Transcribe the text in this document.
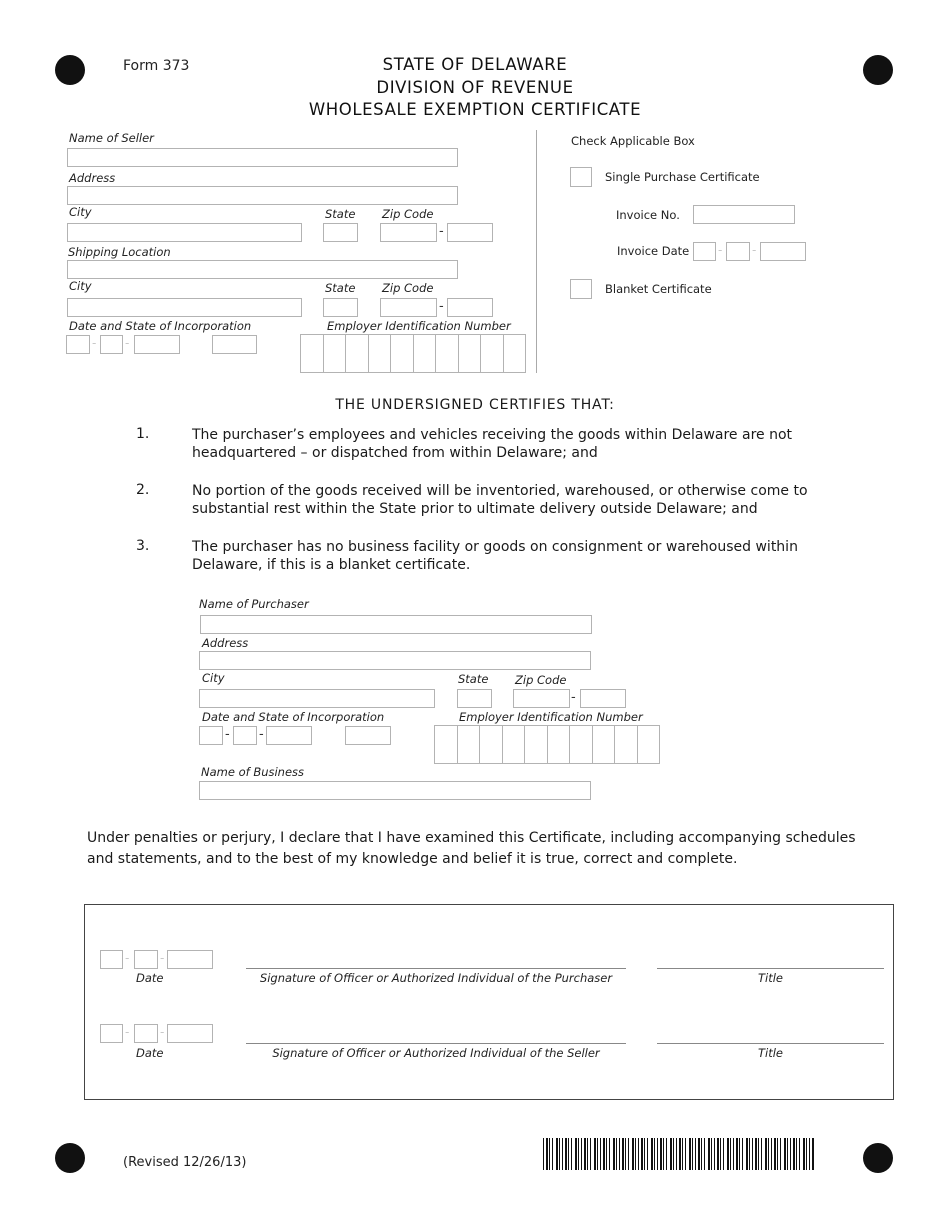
Form 373	STATE OF DELAWARE
DIVISION OF REVENUE
WHOLESALE EXEMPTION CERTIFICATE
Name of Seller
Address
City	State Zip Code
-
Shipping Location
City	State Zip Code
-
Date and State of Incorporation
- -
Employer Identification Number
Check Applicable Box
Single Purchase Certificate
Invoice No.
Invoice Date - -
Blanket Certificate
THE UNDERSIGNED CERTIFIES THAT:
1.	The purchaser’s employees and vehicles receiving the goods within Delaware are not headquartered – or dispatched from within Delaware; and
2.	No portion of the goods received will be inventoried, warehoused, or otherwise come to substantial rest within the State prior to ultimate delivery outside Delaware; and
3.	The purchaser has no business facility or goods on consignment or warehoused within Delaware, if this is a blanket certificate.
Name of Purchaser
Address
City	State Zip Code
-
Date and State of Incorporation
- -
Employer Identification Number
Name of Business
Under penalties or perjury, I declare that I have examined this Certificate, including accompanying schedules and statements, and to the best of my knowledge and belief it is true, correct and complete.
-	-
Date	Signature of Officer or Authorized Individual of the Purchaser	Title
-	-
Date	Signature of Officer or Authorized Individual of the Seller	Title
(Revised 12/26/13)
